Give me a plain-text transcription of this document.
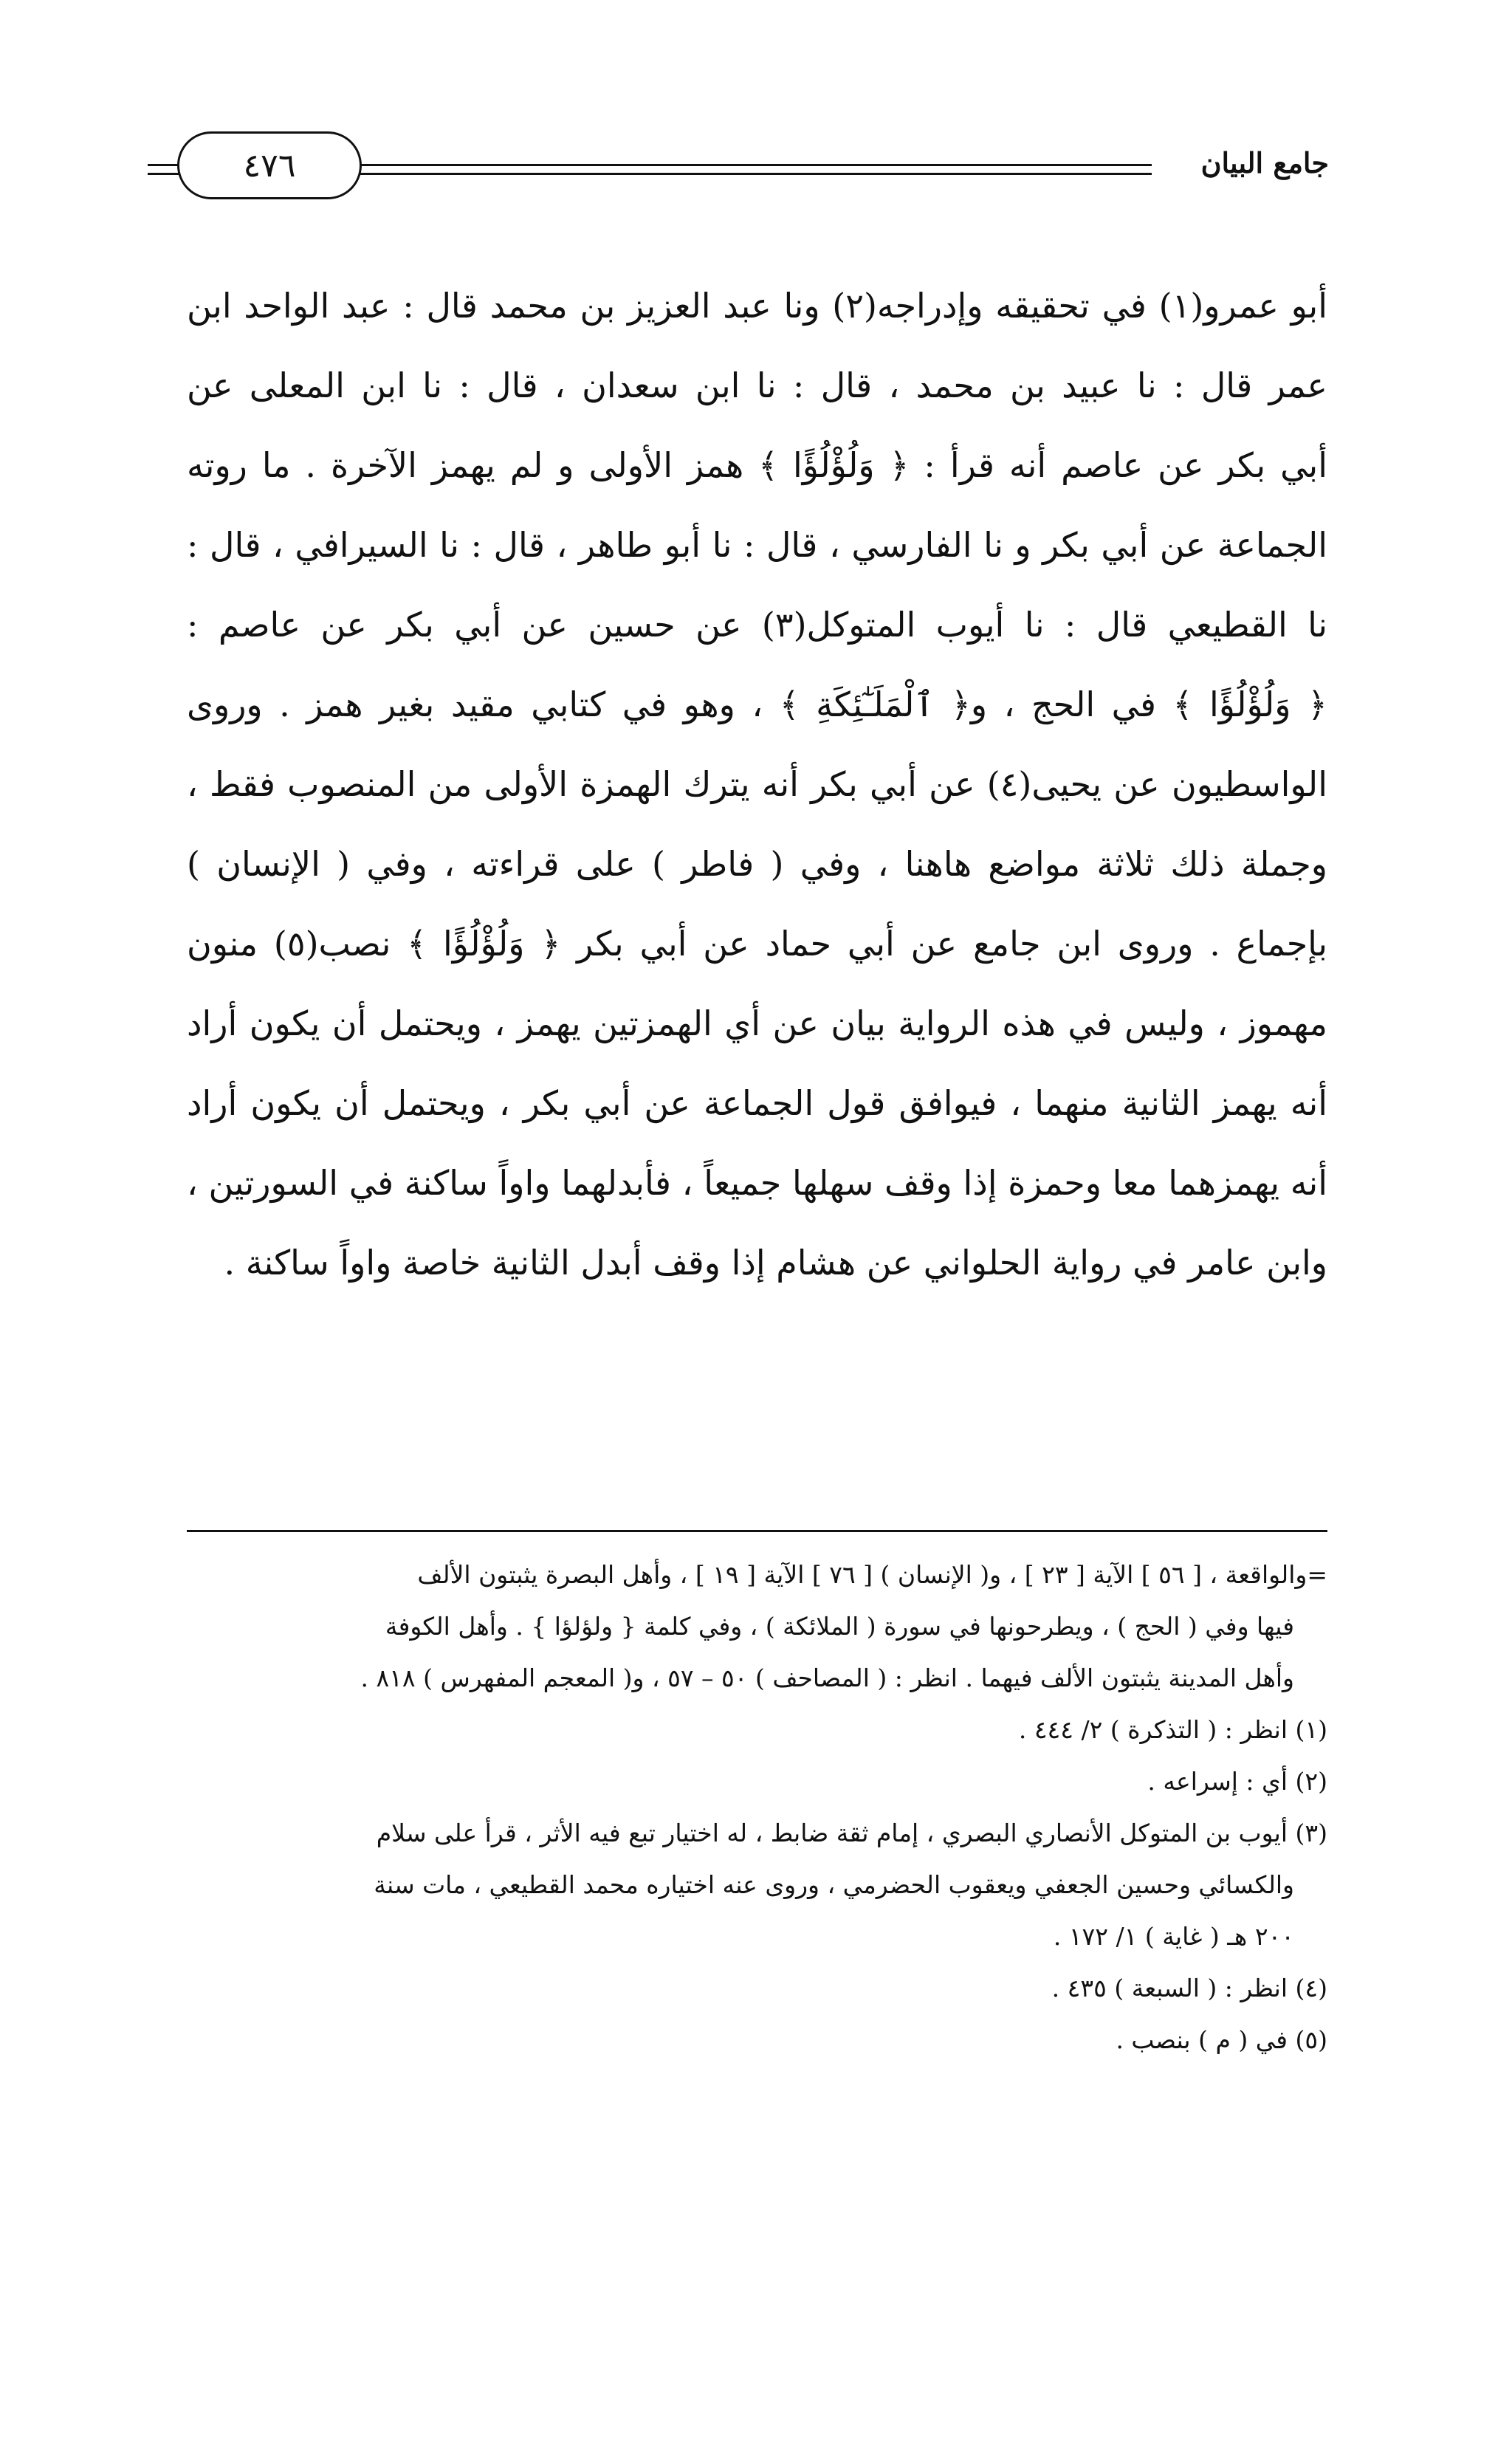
٤٧٦	جامع البيان
أبو عمرو(١) في تحقيقه وإدراجه(٢) ونا عبد العزيز بن محمد قال : عبد الواحد ابن
عمر قال : نا عبيد بن محمد ، قال : نا ابن سعدان ، قال : نا ابن المعلى عن
أبي بكر عن عاصم أنه قرأ : ﴿ وَلُؤْلُؤًا ﴾ همز الأولى و لم يهمز الآخرة . ما روته
الجماعة عن أبي بكر و نا الفارسي ، قال : نا أبو طاهر ، قال : نا السيرافي ، قال :
نا القطيعي قال : نا أيوب المتوكل(٣) عن حسين عن أبي بكر عن عاصم :
﴿ وَلُؤْلُؤًا ﴾ في الحج ، و﴿ ٱلْمَلَـٰٓئِكَةِ ﴾ ، وهو في كتابي مقيد بغير همز . وروى
الواسطيون عن يحيى(٤) عن أبي بكر أنه يترك الهمزة الأولى من المنصوب فقط ،
وجملة ذلك ثلاثة مواضع هاهنا ، وفي ( فاطر ) على قراءته ، وفي ( الإنسان )
بإجماع . وروى ابن جامع عن أبي حماد عن أبي بكر ﴿ وَلُؤْلُؤًا ﴾ نصب(٥) منون
مهموز ، وليس في هذه الرواية بيان عن أي الهمزتين يهمز ، ويحتمل أن يكون أراد
أنه يهمز الثانية منهما ، فيوافق قول الجماعة عن أبي بكر ، ويحتمل أن يكون أراد
أنه يهمزهما معا وحمزة إذا وقف سهلها جميعاً ، فأبدلهما واواً ساكنة في السورتين ،
وابن عامر في رواية الحلواني عن هشام إذا وقف أبدل الثانية خاصة واواً ساكنة .
=والواقعة ، [ ٥٦ ] الآية [ ٢٣ ] ، و( الإنسان ) [ ٧٦ ] الآية [ ١٩ ] ، وأهل البصرة يثبتون الألف
فيها وفي ( الحج ) ، ويطرحونها في سورة ( الملائكة ) ، وفي كلمة { ولؤلؤا } . وأهل الكوفة
وأهل المدينة يثبتون الألف فيهما . انظر : ( المصاحف ) ٥٠ – ٥٧ ، و( المعجم المفهرس ) ٨١٨ .
(١) انظر : ( التذكرة ) ٢/ ٤٤٤ .
(٢) أي : إسراعه .
(٣) أيوب بن المتوكل الأنصاري البصري ، إمام ثقة ضابط ، له اختيار تبع فيه الأثر ، قرأ على سلام
والكسائي وحسين الجعفي ويعقوب الحضرمي ، وروى عنه اختياره محمد القطيعي ، مات سنة
٢٠٠ هـ ( غاية ) ١/ ١٧٢ .
(٤) انظر : ( السبعة ) ٤٣٥ .
(٥) في ( م ) بنصب .
